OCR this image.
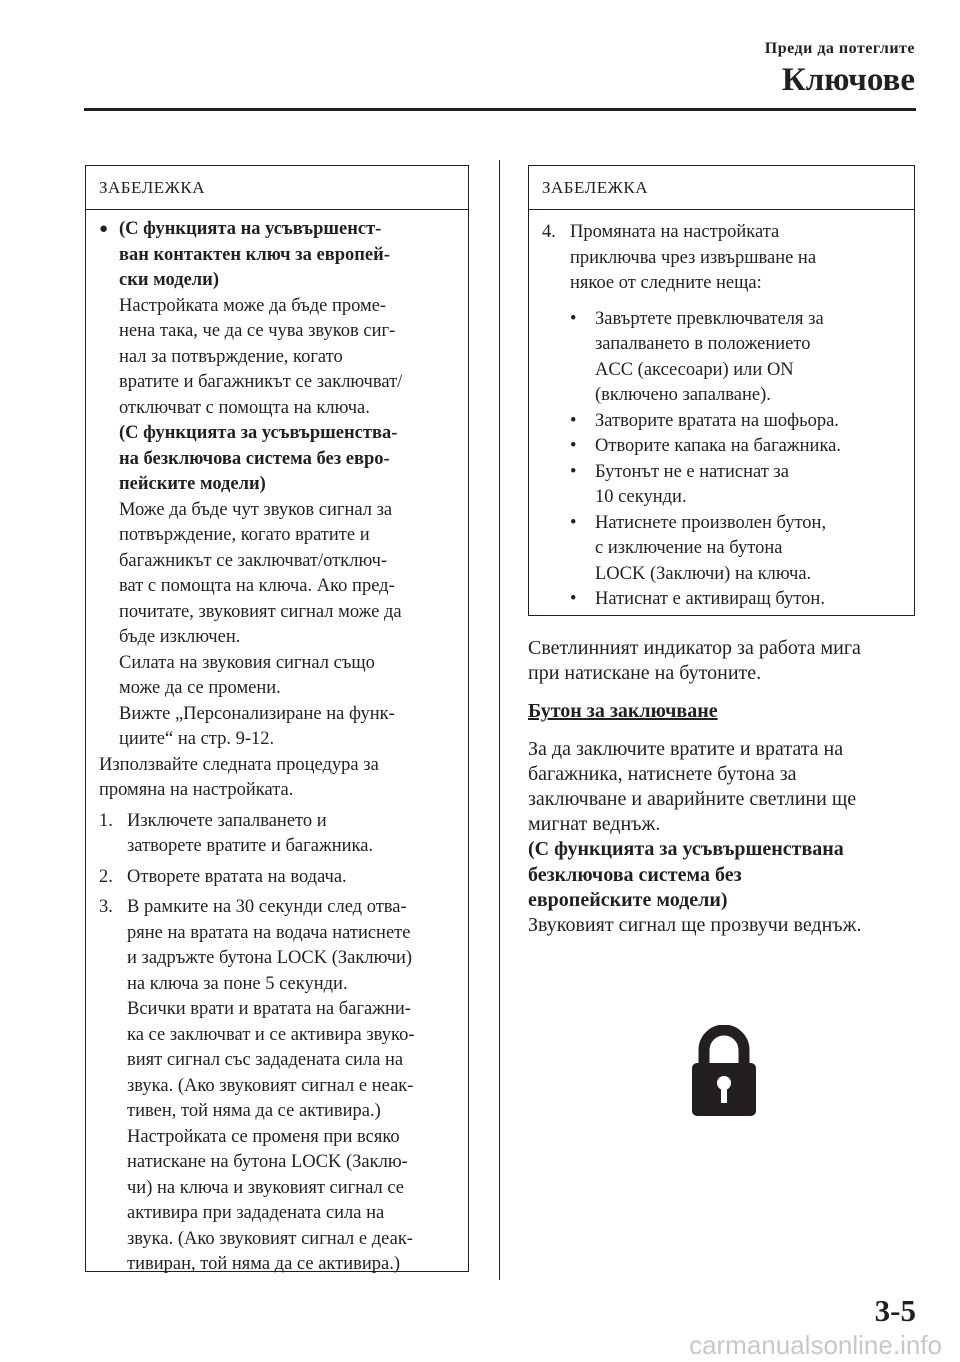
Преди да потеглите
Ключове
ЗАБЕЛЕЖКА
● (С функцията на усъвършенст-
ван контактен ключ за европей-
ски модели)
Настройката може да бъде проме-
нена така, че да се чува звуков сиг-
нал за потвърждение, когато
вратите и багажникът се заключват/
отключват с помощта на ключа.
(С функцията за усъвършенства-
на безключова система без евро-
пейските модели)
Може да бъде чут звуков сигнал за
потвърждение, когато вратите и
багажникът се заключват/отключ-
ват с помощта на ключа. Ако пред-
почитате, звуковият сигнал може да
бъде изключен.
Силата на звуковия сигнал също
може да се промени.
Вижте „Персонализиране на функ-
циите“ на стр. 9-12.
Използвайте следната процедура за
промяна на настройката.
1. Изключете запалването и
затворете вратите и багажника.
2. Отворете вратата на водача.
3. В рамките на 30 секунди след отва-
ряне на вратата на водача натиснете
и задръжте бутона LOCK (Заключи)
на ключа за поне 5 секунди.
Всички врати и вратата на багажни-
ка се заключват и се активира звуко-
вият сигнал със зададената сила на
звука. (Ако звуковият сигнал е неак-
тивен, той няма да се активира.)
Настройката се променя при всяко
натискане на бутона LOCK (Заклю-
чи) на ключа и звуковият сигнал се
активира при зададената сила на
звука. (Ако звуковият сигнал е деак-
тивиран, той няма да се активира.)
ЗАБЕЛЕЖКА
4. Промяната на настройката
приключва чрез извършване на
някое от следните неща:
• Завъртете превключвателя за
запалването в положението
ACC (аксесоари) или ON
(включено запалване).
• Затворите вратата на шофьора.
• Отворите капака на багажника.
• Бутонът не е натиснат за
10 секунди.
• Натиснете произволен бутон,
с изключение на бутона
LOCK (Заключи) на ключа.
• Натиснат е активиращ бутон.
Светлинният индикатор за работа мига
при натискане на бутоните.
Бутон за заключване
За да заключите вратите и вратата на
багажника, натиснете бутона за
заключване и аварийните светлини ще
мигнат веднъж.
(С функцията за усъвършенствана
безключова система без
европейските модели)
Звуковият сигнал ще прозвучи веднъж.
3-5
carmanualsonline.info
